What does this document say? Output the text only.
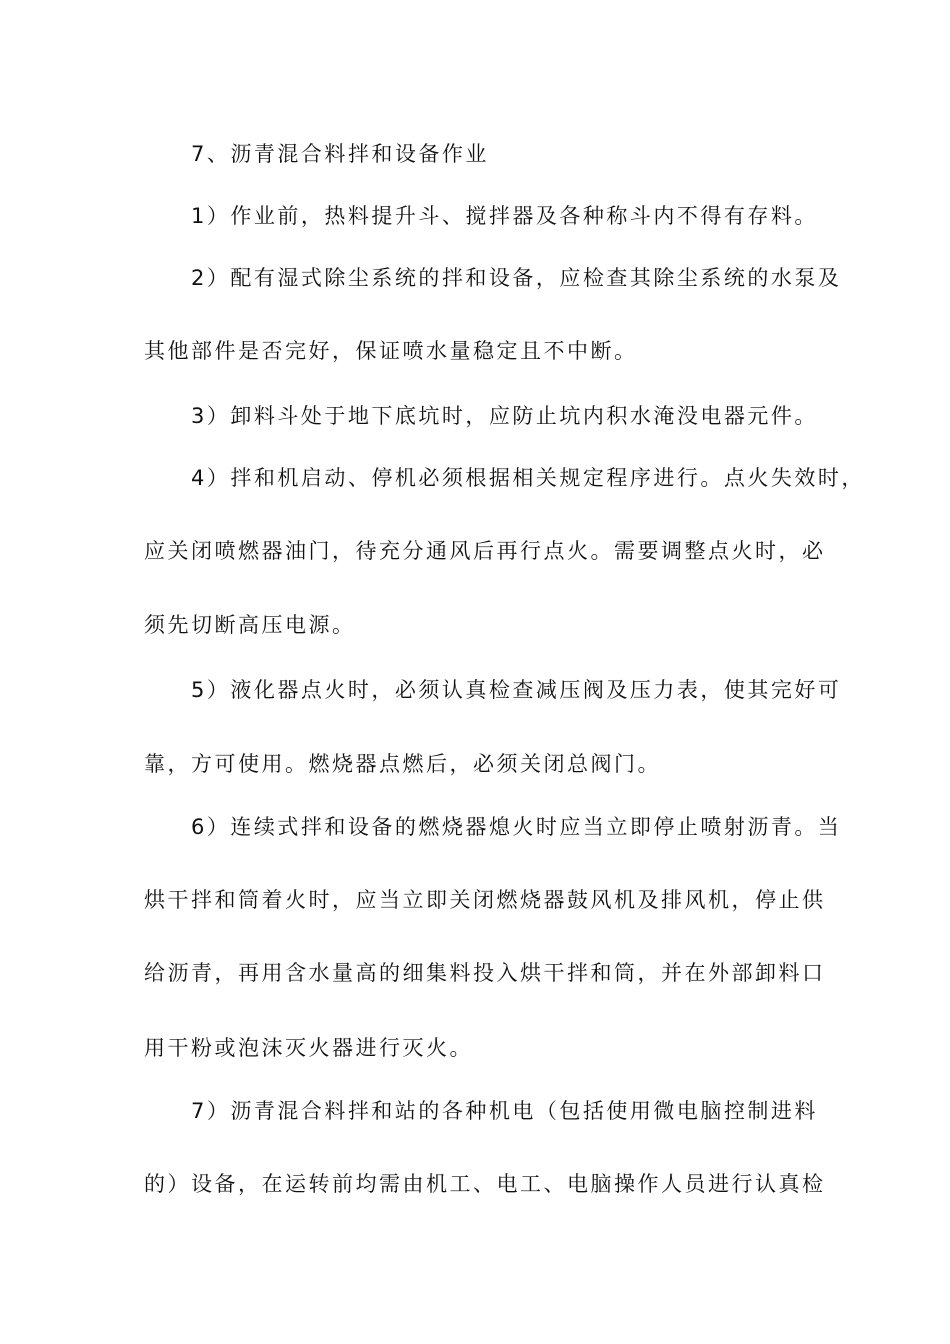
7、沥青混合料拌和设备作业
1）作业前，热料提升斗、搅拌器及各种称斗内不得有存料。
2）配有湿式除尘系统的拌和设备，应检查其除尘系统的水泵及
其他部件是否完好，保证喷水量稳定且不中断。
3）卸料斗处于地下底坑时，应防止坑内积水淹没电器元件。
4）拌和机启动、停机必须根据相关规定程序进行。点火失效时，
应关闭喷燃器油门，待充分通风后再行点火。需要调整点火时，必
须先切断高压电源。
5）液化器点火时，必须认真检查减压阀及压力表，使其完好可
靠，方可使用。燃烧器点燃后，必须关闭总阀门。
6）连续式拌和设备的燃烧器熄火时应当立即停止喷射沥青。当
烘干拌和筒着火时，应当立即关闭燃烧器鼓风机及排风机，停止供
给沥青，再用含水量高的细集料投入烘干拌和筒，并在外部卸料口
用干粉或泡沫灭火器进行灭火。
7）沥青混合料拌和站的各种机电（包括使用微电脑控制进料
的）设备，在运转前均需由机工、电工、电脑操作人员进行认真检
